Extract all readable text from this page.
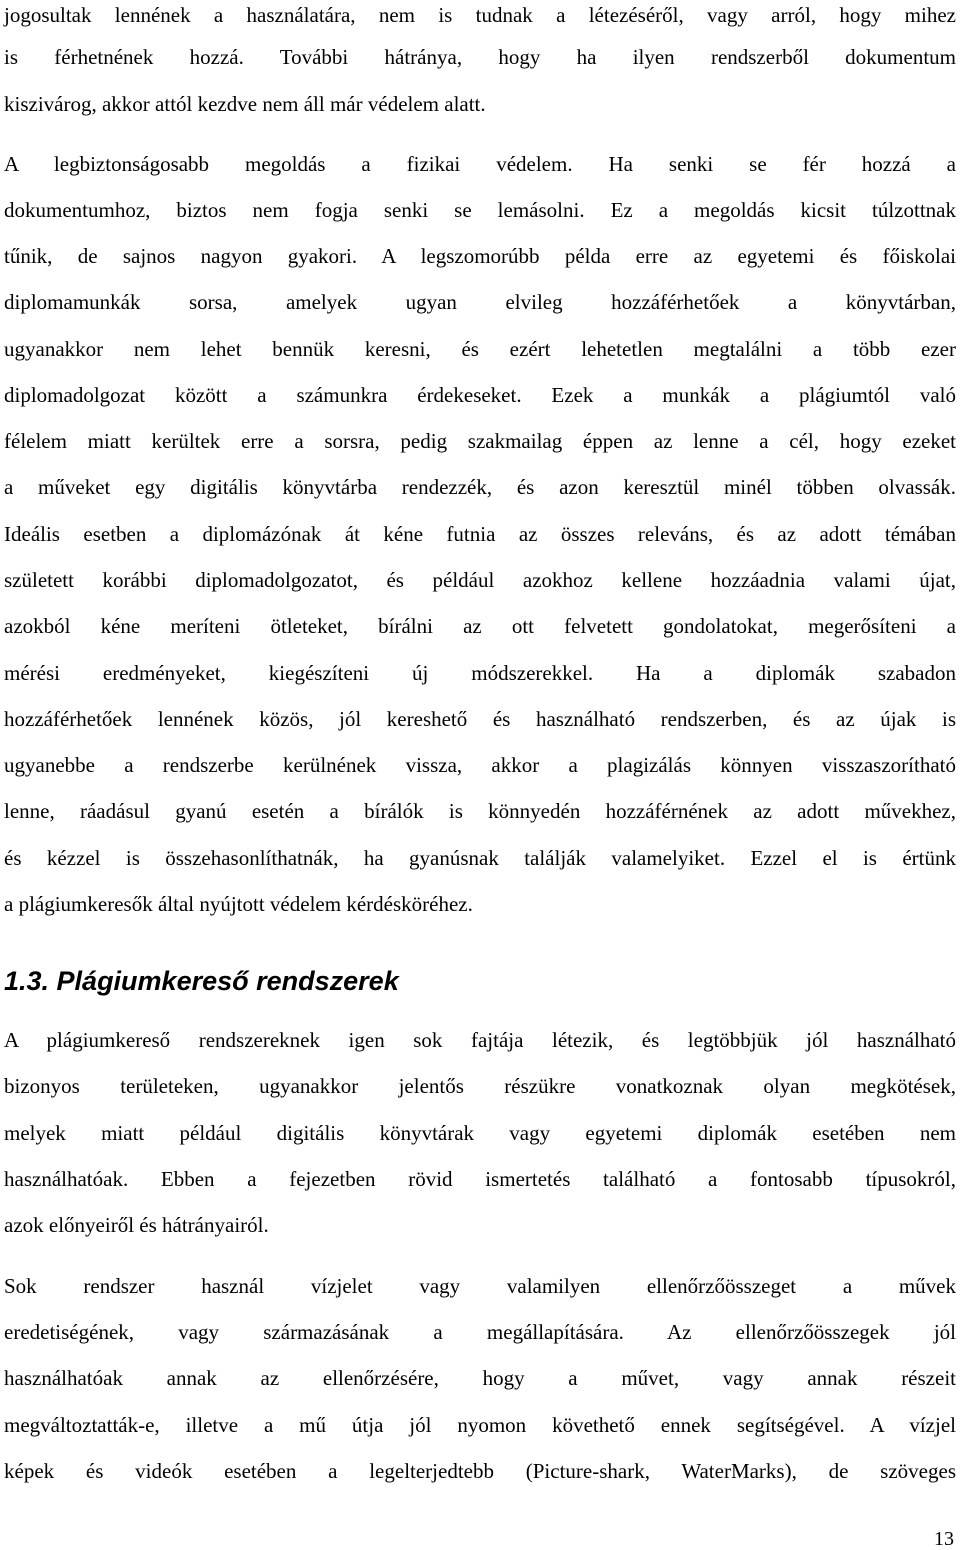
jogosultak lennének a használatára, nem is tudnak a létezéséről, vagy arról, hogy mihez
is férhetnének hozzá. További hátránya, hogy ha ilyen rendszerből dokumentum
kiszivárog, akkor attól kezdve nem áll már védelem alatt.
A legbiztonságosabb megoldás a fizikai védelem. Ha senki se fér hozzá a
dokumentumhoz, biztos nem fogja senki se lemásolni. Ez a megoldás kicsit túlzottnak
tűnik, de sajnos nagyon gyakori. A legszomorúbb példa erre az egyetemi és főiskolai
diplomamunkák sorsa, amelyek ugyan elvileg hozzáférhetőek a könyvtárban,
ugyanakkor nem lehet bennük keresni, és ezért lehetetlen megtalálni a több ezer
diplomadolgozat között a számunkra érdekeseket. Ezek a munkák a plágiumtól való
félelem miatt kerültek erre a sorsra, pedig szakmailag éppen az lenne a cél, hogy ezeket
a műveket egy digitális könyvtárba rendezzék, és azon keresztül minél többen olvassák.
Ideális esetben a diplomázónak át kéne futnia az összes releváns, és az adott témában
született korábbi diplomadolgozatot, és például azokhoz kellene hozzáadnia valami újat,
azokból kéne meríteni ötleteket, bírálni az ott felvetett gondolatokat, megerősíteni a
mérési eredményeket, kiegészíteni új módszerekkel. Ha a diplomák szabadon
hozzáférhetőek lennének közös, jól kereshető és használható rendszerben, és az újak is
ugyanebbe a rendszerbe kerülnének vissza, akkor a plagizálás könnyen visszaszorítható
lenne, ráadásul gyanú esetén a bírálók is könnyedén hozzáférnének az adott művekhez,
és kézzel is összehasonlíthatnák, ha gyanúsnak találják valamelyiket. Ezzel el is értünk
a plágiumkeresők által nyújtott védelem kérdésköréhez.
1.3. Plágiumkereső rendszerek
A plágiumkereső rendszereknek igen sok fajtája létezik, és legtöbbjük jól használható
bizonyos területeken, ugyanakkor jelentős részükre vonatkoznak olyan megkötések,
melyek miatt például digitális könyvtárak vagy egyetemi diplomák esetében nem
használhatóak. Ebben a fejezetben rövid ismertetés található a fontosabb típusokról,
azok előnyeiről és hátrányairól.
Sok rendszer használ vízjelet vagy valamilyen ellenőrzőösszeget a művek
eredetiségének, vagy származásának a megállapítására. Az ellenőrzőösszegek jól
használhatóak annak az ellenőrzésére, hogy a művet, vagy annak részeit
megváltoztatták-e, illetve a mű útja jól nyomon követhető ennek segítségével. A vízjel
képek és videók esetében a legelterjedtebb (Picture-shark, WaterMarks), de szöveges
13
